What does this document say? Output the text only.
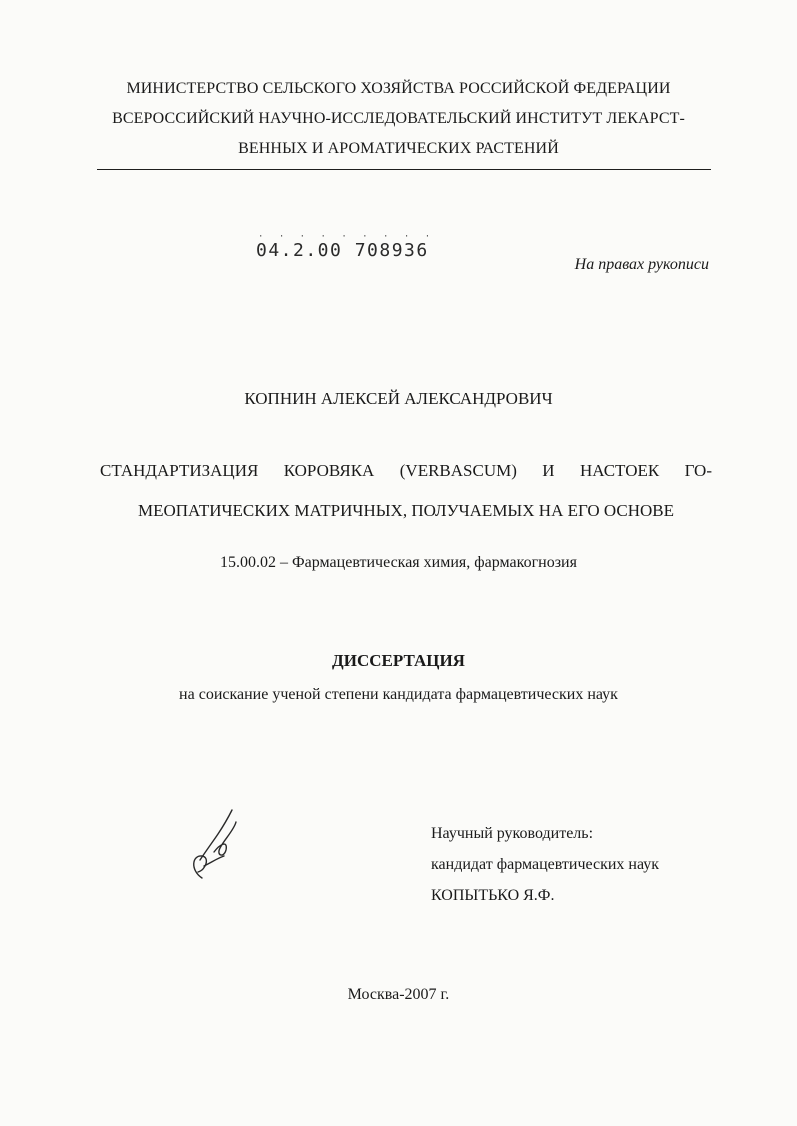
МИНИСТЕРСТВО СЕЛЬСКОГО ХОЗЯЙСТВА РОССИЙСКОЙ ФЕДЕРАЦИИ
ВСЕРОССИЙСКИЙ НАУЧНО-ИССЛЕДОВАТЕЛЬСКИЙ ИНСТИТУТ ЛЕКАРСТ-
ВЕННЫХ И АРОМАТИЧЕСКИХ РАСТЕНИЙ
· · · · · · · · ·
04.2.00 708936
На правах рукописи
КОПНИН АЛЕКСЕЙ АЛЕКСАНДРОВИЧ
СТАНДАРТИЗАЦИЯ КОРОВЯКА (VERBASCUM) И НАСТОЕК ГО-
МЕОПАТИЧЕСКИХ МАТРИЧНЫХ, ПОЛУЧАЕМЫХ НА ЕГО ОСНОВЕ
15.00.02 – Фармацевтическая химия, фармакогнозия
ДИССЕРТАЦИЯ
на соискание ученой степени кандидата фармацевтических наук
Научный руководитель:
кандидат фармацевтических наук
КОПЫТЬКО Я.Ф.
Москва-2007 г.
